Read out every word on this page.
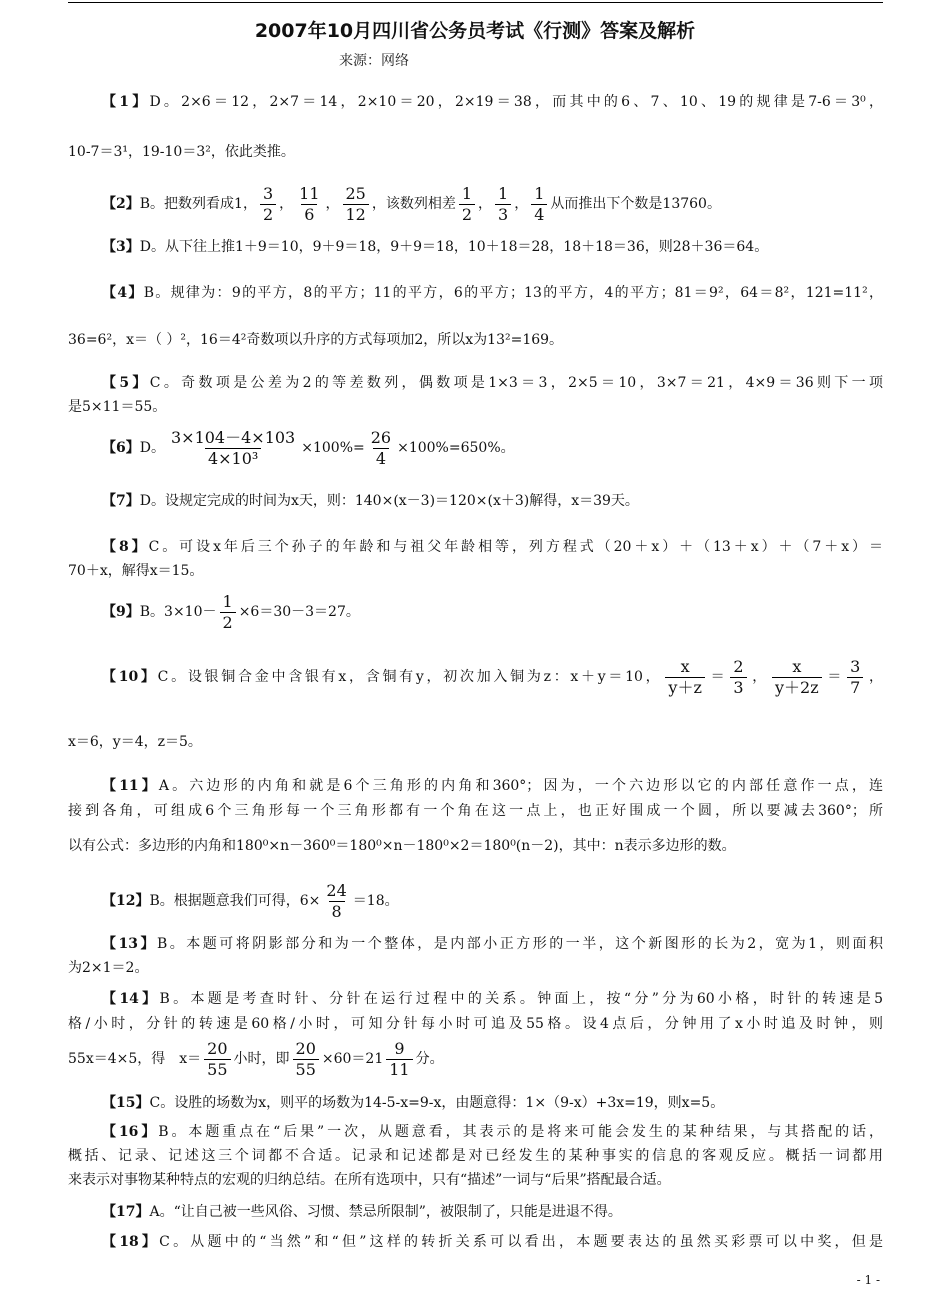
2007年10月四川省公务员考试《行测》答案及解析
来源：网络
【1】D。2×6＝12，2×7＝14，2×10＝20，2×19＝38，而其中的6、7、10、19的规律是7-6＝3⁰，
10-7＝3¹，19-10＝3²，依此类推。
【2】B。把数列看成1， $\frac{3}{2}$ ， $\frac{11}{6}$ ， $\frac{25}{12}$ ，该数列相差 $\frac{1}{2}$ ， $\frac{1}{3}$ ， $\frac{1}{4}$ 从而推出下个数是13760。
【3】D。从下往上推1＋9＝10，9＋9＝18，9＋9＝18，10＋18＝28，18＋18＝36，则28＋36＝64。
【4】B。规律为：9的平方，8的平方；11的平方，6的平方；13的平方，4的平方；81＝9²，64＝8²，121=11²，
36=6²，x＝（ ）²，16＝4²奇数项以升序的方式每项加2，所以x为13²=169。
【5】C。奇数项是公差为2的等差数列，偶数项是1×3＝3，2×5＝10，3×7＝21，4×9＝36则下一项
是5×11＝55。
【6】D。 $\frac{3\times 104-4\times 103}{\text{4×10³}} \times 100\%= \frac{26}{4} \times 100\%=650\%$。
【7】D。设规定完成的时间为x天，则：140×(x－3)＝120×(x＋3)解得，x＝39天。
【8】C。可设x年后三个孙子的年龄和与祖父年龄相等，列方程式（20＋x）＋（13＋x）＋（7＋x）＝
70＋x，解得x＝15。
【9】B。$3\times 10- \frac{1}{2} \times 6=30-3=27$。
【10】C。设银铜合金中含银有x，含铜有y，初次加入铜为z：x＋y＝10， $\frac{x}{y+z} = \frac{2}{3}$ ， $\frac{x}{y+2z} = \frac{3}{7}$ ，
x＝6，y＝4，z＝5。
【11】A。六边形的内角和就是6个三角形的内角和360°；因为，一个六边形以它的内部任意作一点，连
接到各角，可组成6个三角形每一个三角形都有一个角在这一点上，也正好围成一个圆，所以要减去360°；所
以有公式：多边形的内角和180⁰×n－360⁰＝180⁰×n－180⁰×2＝180⁰(n－2)，其中：n表示多边形的数。
【12】B。根据题意我们可得，$6\times \frac{24}{8} =18$。
【13】B。本题可将阴影部分和为一个整体，是内部小正方形的一半，这个新图形的长为2，宽为1，则面积
为2×1＝2。
【14】B。本题是考查时针、分针在运行过程中的关系。钟面上，按“分”分为60小格，时针的转速是5
格/小时，分针的转速是60格/小时，可知分针每小时可追及55格。设4点后，分钟用了x小时追及时钟，则
55x＝4×5，得　$x= \frac{20}{55}$ 小时，即 $\frac{20}{55} \times 60=21 \frac{9}{11}$ 分。
【15】C。设胜的场数为x，则平的场数为14-5-x=9-x，由题意得：1×（9-x）+3x=19，则x=5。
【16】B。本题重点在“后果”一次，从题意看，其表示的是将来可能会发生的某种结果，与其搭配的话，
概括、记录、记述这三个词都不合适。记录和记述都是对已经发生的某种事实的信息的客观反应。概括一词都用
来表示对事物某种特点的宏观的归纳总结。在所有选项中，只有“描述”一词与“后果”搭配最合适。
【17】A。“让自己被一些风俗、习惯、禁忌所限制”，被限制了，只能是进退不得。
【18】C。从题中的“当然”和“但”这样的转折关系可以看出，本题要表达的虽然买彩票可以中奖，但是
- 1 -
